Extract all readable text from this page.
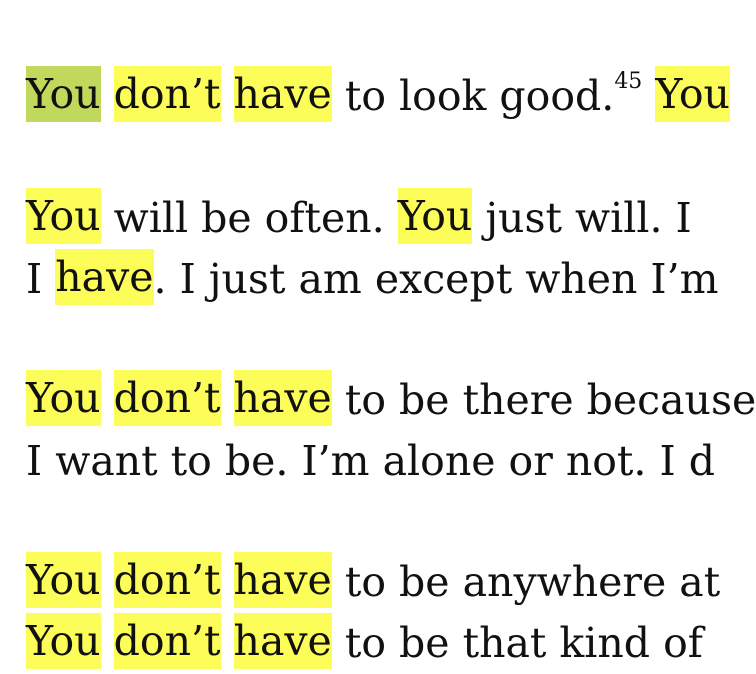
You don’t have to look good.$^{45}$ You
You will be often. You just will. I
I have. I just am except when I’m
You don’t have to be there because
I want to be. I’m alone or not. I d
You don’t have to be anywhere at
You don’t have to be that kind of
